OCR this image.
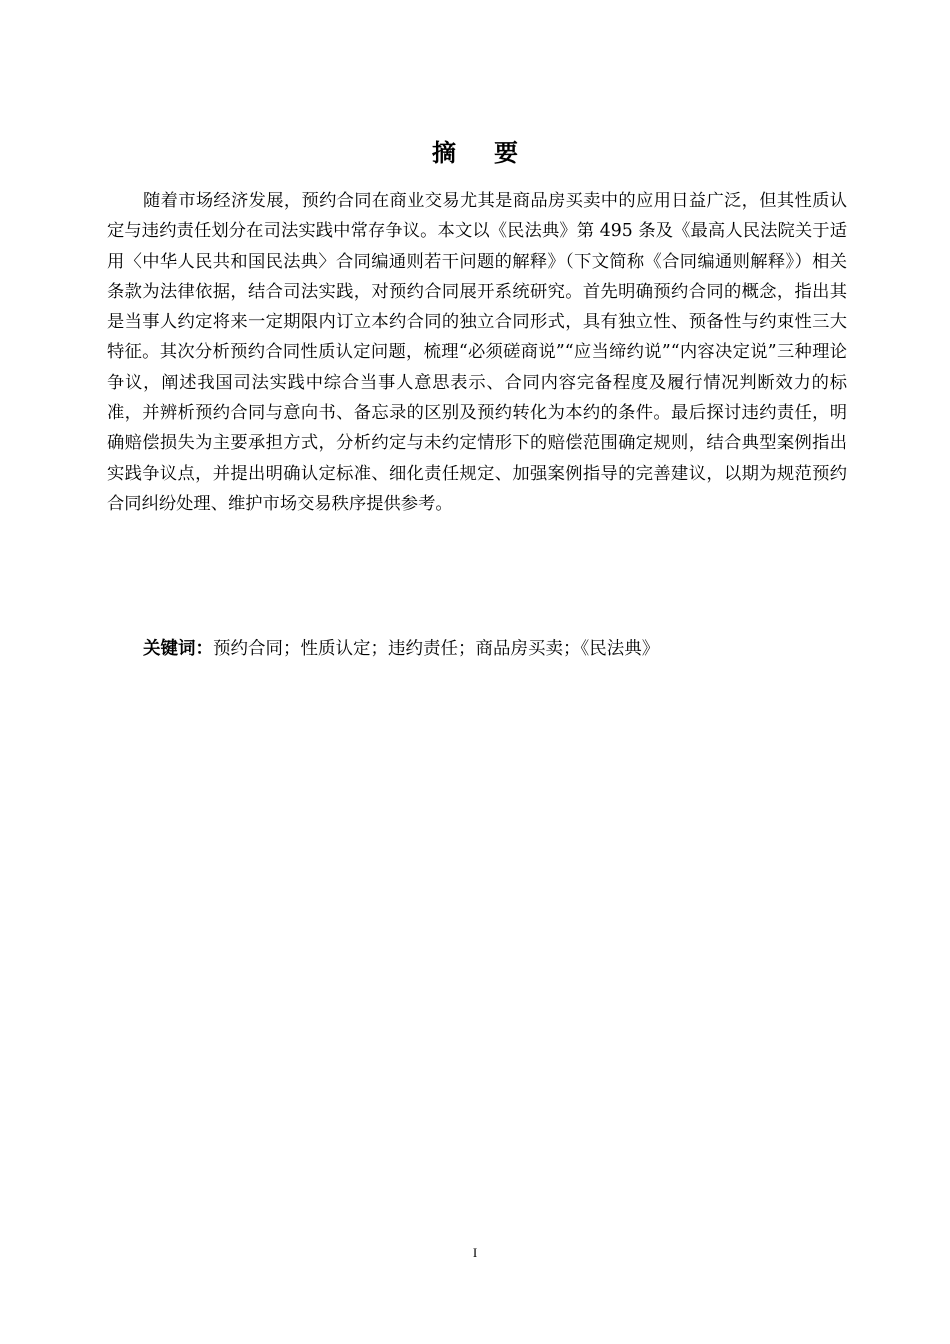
摘要

随着市场经济发展，预约合同在商业交易尤其是商品房买卖中的应用日益广泛，但其性质认定与违约责任划分在司法实践中常存争议。本文以《民法典》第 495 条及《最高人民法院关于适用〈中华人民共和国民法典〉合同编通则若干问题的解释》（下文简称《合同编通则解释》）相关条款为法律依据，结合司法实践，对预约合同展开系统研究。首先明确预约合同的概念，指出其是当事人约定将来一定期限内订立本约合同的独立合同形式，具有独立性、预备性与约束性三大特征。其次分析预约合同性质认定问题，梳理“必须磋商说”“应当缔约说”“内容决定说”三种理论争议，阐述我国司法实践中综合当事人意思表示、合同内容完备程度及履行情况判断效力的标准，并辨析预约合同与意向书、备忘录的区别及预约转化为本约的条件。最后探讨违约责任，明确赔偿损失为主要承担方式，分析约定与未约定情形下的赔偿范围确定规则，结合典型案例指出实践争议点，并提出明确认定标准、细化责任规定、加强案例指导的完善建议，以期为规范预约合同纠纷处理、维护市场交易秩序提供参考。

关键词：预约合同；性质认定；违约责任；商品房买卖；《民法典》
I
